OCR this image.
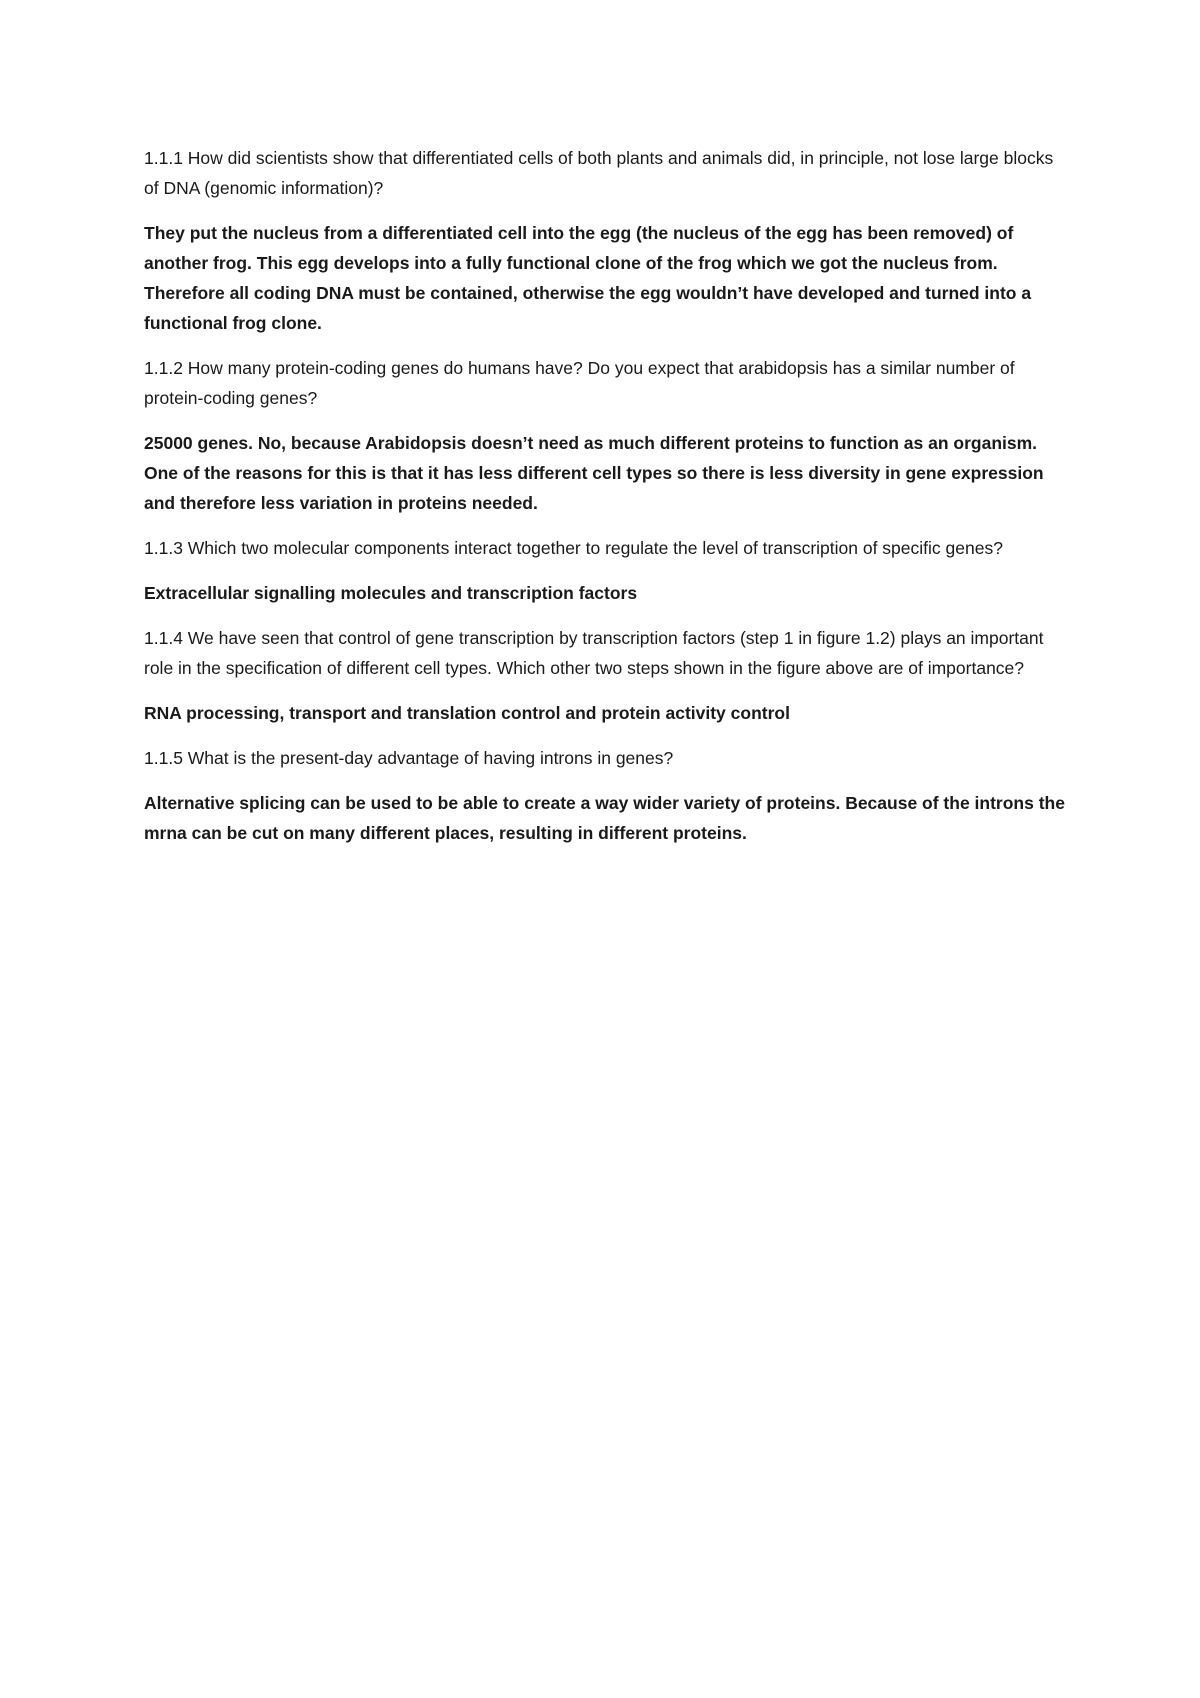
1.1.1 How did scientists show that differentiated cells of both plants and animals did, in principle, not lose large blocks of DNA (genomic information)?

They put the nucleus from a differentiated cell into the egg (the nucleus of the egg has been removed) of another frog. This egg develops into a fully functional clone of the frog which we got the nucleus from. Therefore all coding DNA must be contained, otherwise the egg wouldn’t have developed and turned into a functional frog clone.

1.1.2 How many protein-coding genes do humans have? Do you expect that arabidopsis has a similar number of protein-coding genes?

25000 genes. No, because Arabidopsis doesn’t need as much different proteins to function as an organism. One of the reasons for this is that it has less different cell types so there is less diversity in gene expression and therefore less variation in proteins needed.

1.1.3 Which two molecular components interact together to regulate the level of transcription of specific genes?

Extracellular signalling molecules and transcription factors

1.1.4 We have seen that control of gene transcription by transcription factors (step 1 in figure 1.2) plays an important role in the specification of different cell types. Which other two steps shown in the figure above are of importance?

RNA processing, transport and translation control and protein activity control

1.1.5 What is the present-day advantage of having introns in genes?

Alternative splicing can be used to be able to create a way wider variety of proteins. Because of the introns the mrna can be cut on many different places, resulting in different proteins.
